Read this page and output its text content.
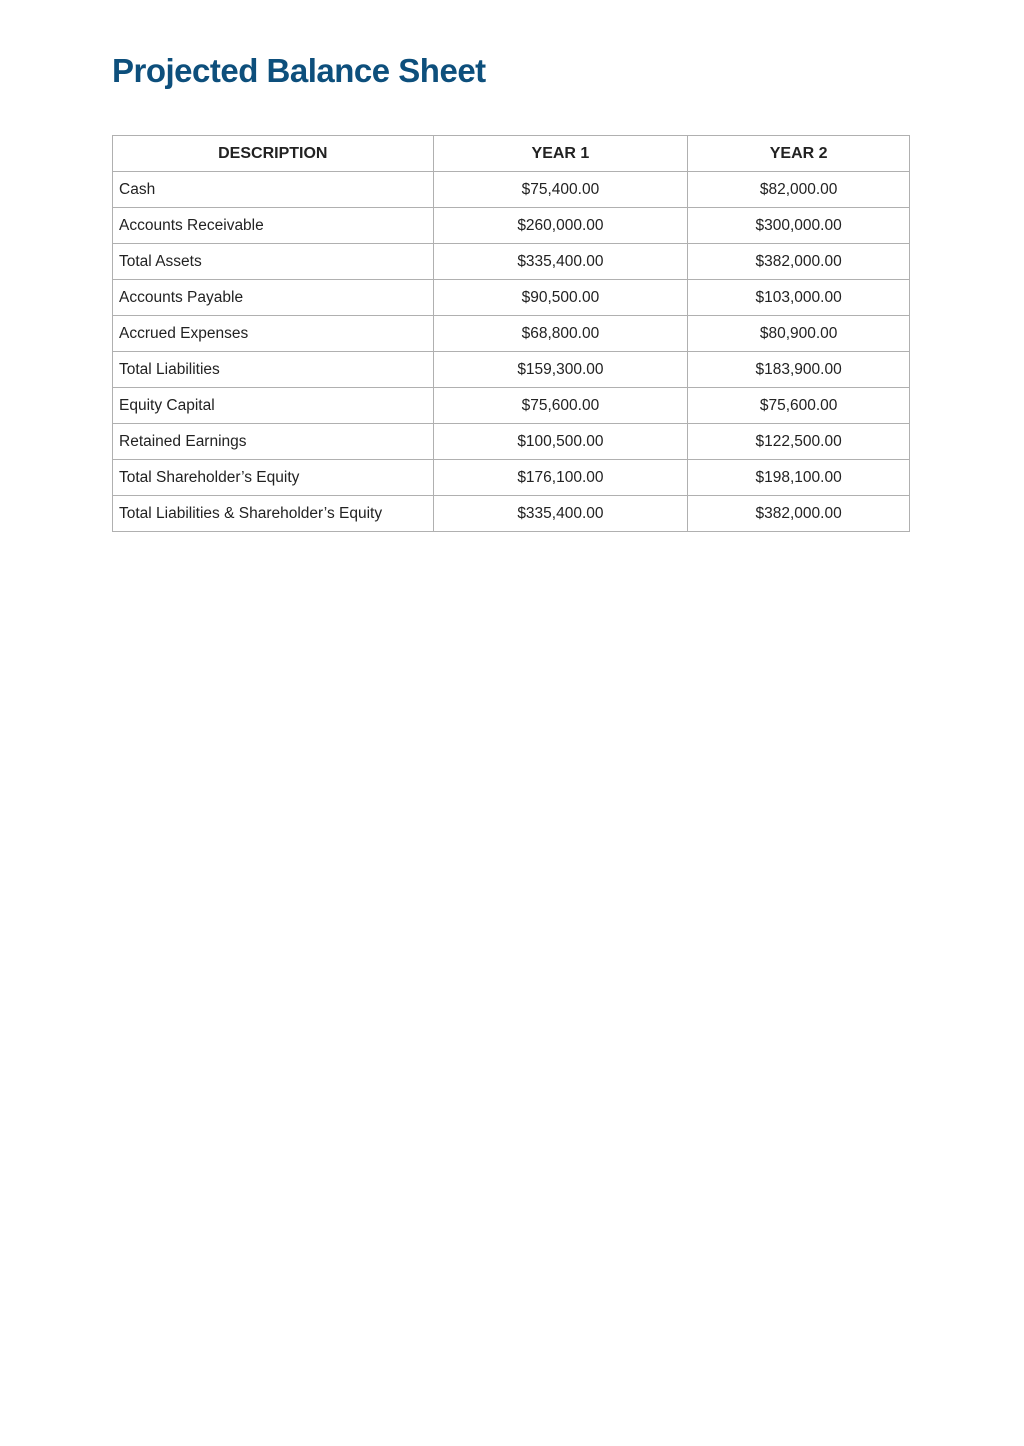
Projected Balance Sheet
DESCRIPTION	YEAR 1	YEAR 2
Cash	$75,400.00	$82,000.00
Accounts Receivable	$260,000.00	$300,000.00
Total Assets	$335,400.00	$382,000.00
Accounts Payable	$90,500.00	$103,000.00
Accrued Expenses	$68,800.00	$80,900.00
Total Liabilities	$159,300.00	$183,900.00
Equity Capital	$75,600.00	$75,600.00
Retained Earnings	$100,500.00	$122,500.00
Total Shareholder’s Equity	$176,100.00	$198,100.00
Total Liabilities & Shareholder’s Equity	$335,400.00	$382,000.00
